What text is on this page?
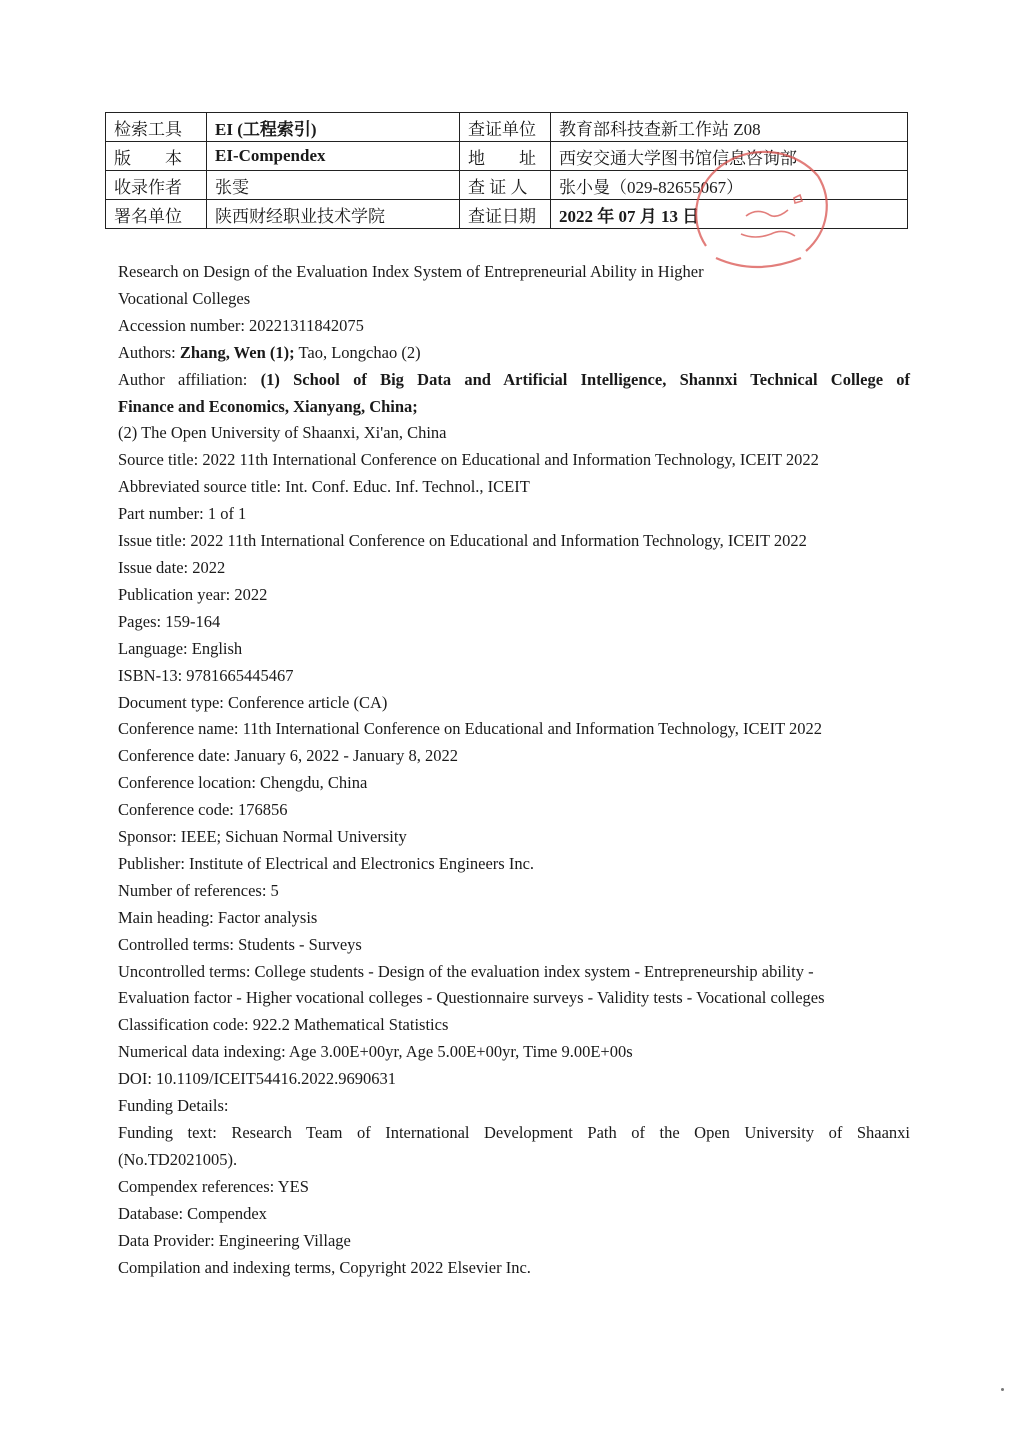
检索工具	EI (工程索引)	查证单位	教育部科技查新工作站 Z08
版　　本	EI-Compendex	地　　址	西安交通大学图书馆信息咨询部
收录作者	张雯	查 证 人	张小曼（029-82655067）
署名单位	陕西财经职业技术学院	查证日期	2022 年 07 月 13 日
Research on Design of the Evaluation Index System of Entrepreneurial Ability in Higher
Vocational Colleges
Accession number: 20221311842075
Authors: Zhang, Wen (1); Tao, Longchao (2)
Author affiliation: (1) School of Big Data and Artificial Intelligence, Shannxi Technical College of
Finance and Economics, Xianyang, China;
(2) The Open University of Shaanxi, Xi'an, China
Source title: 2022 11th International Conference on Educational and Information Technology, ICEIT 2022
Abbreviated source title: Int. Conf. Educ. Inf. Technol., ICEIT
Part number: 1 of 1
Issue title: 2022 11th International Conference on Educational and Information Technology, ICEIT 2022
Issue date: 2022
Publication year: 2022
Pages: 159-164
Language: English
ISBN-13: 9781665445467
Document type: Conference article (CA)
Conference name: 11th International Conference on Educational and Information Technology, ICEIT 2022
Conference date: January 6, 2022 - January 8, 2022
Conference location: Chengdu, China
Conference code: 176856
Sponsor: IEEE; Sichuan Normal University
Publisher: Institute of Electrical and Electronics Engineers Inc.
Number of references: 5
Main heading: Factor analysis
Controlled terms: Students - Surveys
Uncontrolled terms: College students - Design of the evaluation index system - Entrepreneurship ability -
Evaluation factor - Higher vocational colleges - Questionnaire surveys - Validity tests - Vocational colleges
Classification code: 922.2 Mathematical Statistics
Numerical data indexing: Age 3.00E+00yr, Age 5.00E+00yr, Time 9.00E+00s
DOI: 10.1109/ICEIT54416.2022.9690631
Funding Details:
Funding text: Research Team of International Development Path of the Open University of Shaanxi
(No.TD2021005).
Compendex references: YES
Database: Compendex
Data Provider: Engineering Village
Compilation and indexing terms, Copyright 2022 Elsevier Inc.
